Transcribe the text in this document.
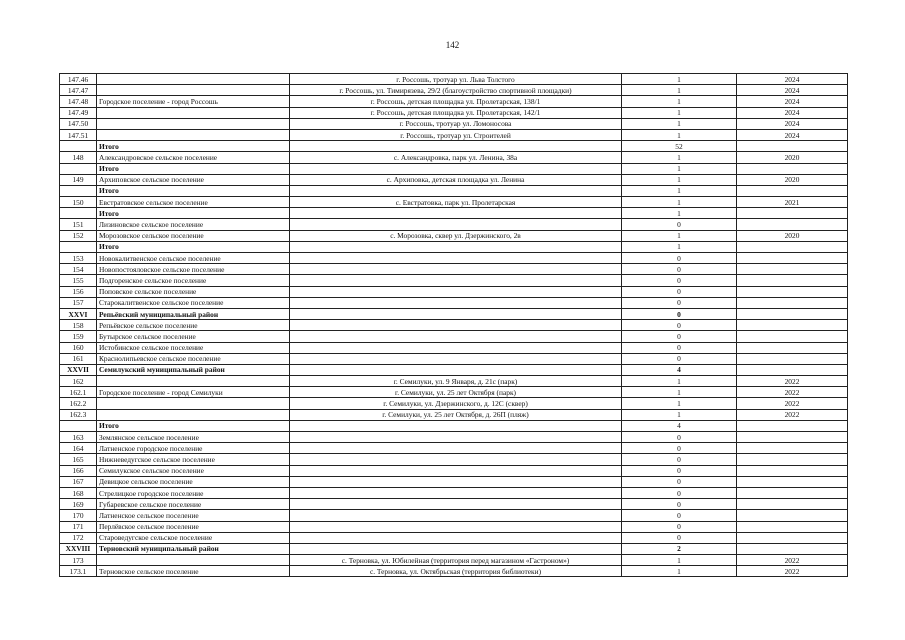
142
147.46		г. Россошь, тротуар ул. Льва Толстого	1	2024
147.47		г. Россошь, ул. Тимирязева, 29/2 (благоустройство спортивной площадки)	1	2024
147.48	Городское поселение - город Россошь	г. Россошь, детская площадка ул. Пролетарская, 138/1	1	2024
147.49		г. Россошь, детская площадка ул. Пролетарская, 142/1	1	2024
147.50		г. Россошь, тротуар ул. Ломоносова	1	2024
147.51		г. Россошь, тротуар ул. Строителей	1	2024
	Итого		52	
148	Александровское сельское поселение	с. Александровка, парк ул. Ленина, 38а	1	2020
	Итого		1	
149	Архиповское сельское поселение	с. Архиповка, детская площадка ул. Ленина	1	2020
	Итого		1	
150	Евстратовское сельское поселение	с. Евстратовка, парк ул. Пролетарская	1	2021
	Итого		1	
151	Лизиновское сельское поселение		0	
152	Морозовское сельское поселение	с. Морозовка, сквер ул. Дзержинского, 2в	1	2020
	Итого		1	
153	Новокалитвенское сельское поселение		0	
154	Новопостояловское сельское поселение		0	
155	Подгоренское сельское поселение		0	
156	Поповское сельское поселение		0	
157	Старокалитвенское сельское поселение		0	
XXVI	Репьёвский муниципальный район		0	
158	Репьёвское сельское поселение		0	
159	Бутырское сельское поселение		0	
160	Истобинское сельское поселение		0	
161	Краснолипьевское сельское поселение		0	
XXVII	Семилукский муниципальный район		4	
162		г. Семилуки, ул. 9 Января, д. 21с (парк)	1	2022
162.1	Городское поселение - город Семилуки	г. Семилуки, ул. 25 лет Октября (парк)	1	2022
162.2		г. Семилуки, ул. Дзержинского, д. 12С (сквер)	1	2022
162.3		г. Семилуки, ул. 25 лет Октября, д. 26П (пляж)	1	2022
	Итого		4	
163	Землянское сельское поселение		0	
164	Латненское городское поселение		0	
165	Нижневедугское сельское поселение		0	
166	Семилукское сельское поселение		0	
167	Девицкое сельское поселение		0	
168	Стрелицкое городское поселение		0	
169	Губаревское сельское поселение		0	
170	Латненское сельское поселение		0	
171	Перлёвское сельское поселение		0	
172	Староведугское сельское поселение		0	
XXVIII	Терновский муниципальный район		2	
173		с. Терновка, ул. Юбилейная (территория перед магазином «Гастроном»)	1	2022
173.1	Терновское сельское поселение	с. Терновка, ул. Октябрьская (территория библиотеки)	1	2022
